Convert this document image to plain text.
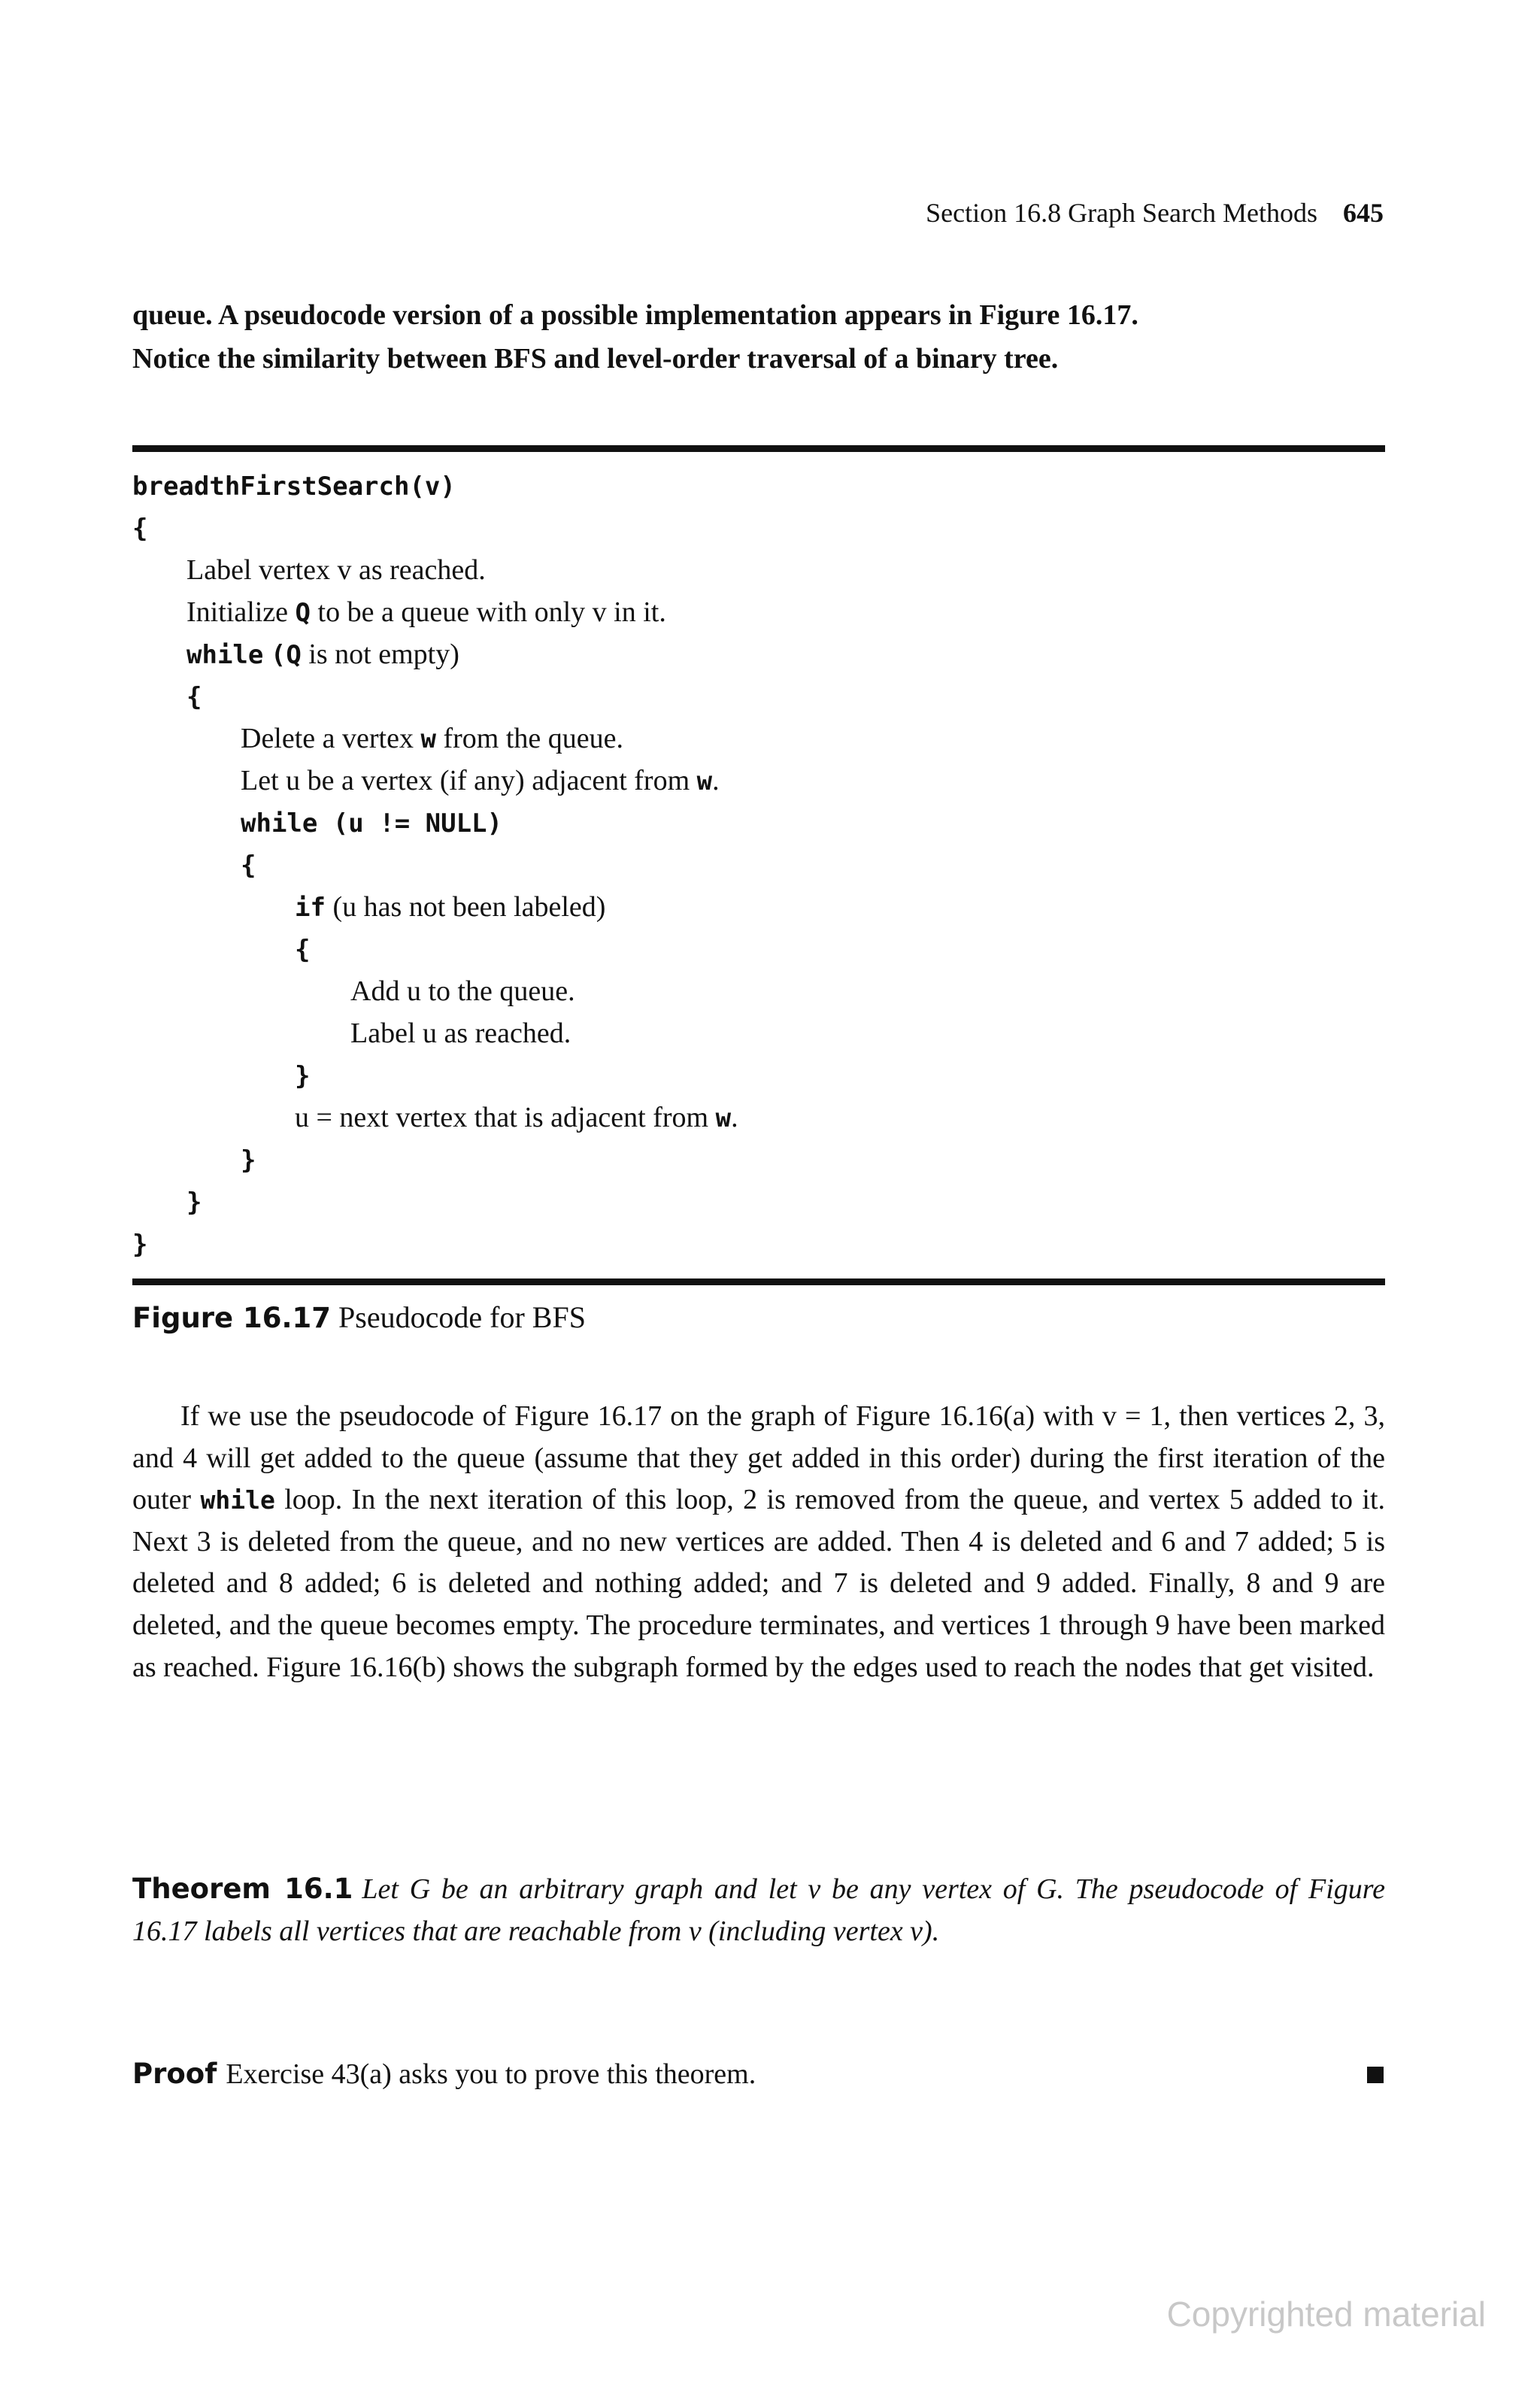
Section 16.8 Graph Search Methods 645
queue. A pseudocode version of a possible implementation appears in Figure 16.17.
Notice the similarity between BFS and level-order traversal of a binary tree.
breadthFirstSearch(v)
{
Label vertex v as reached.
Initialize Q to be a queue with only v in it.
while (Q is not empty)
{
Delete a vertex w from the queue.
Let u be a vertex (if any) adjacent from w.
while (u != NULL)
{
if (u has not been labeled)
{
Add u to the queue.
Label u as reached.
}
u = next vertex that is adjacent from w.
}
}
}
Figure 16.17 Pseudocode for BFS
If we use the pseudocode of Figure 16.17 on the graph of Figure 16.16(a) with v = 1, then vertices 2, 3, and 4 will get added to the queue (assume that they get added in this order) during the first iteration of the outer while loop. In the next iteration of this loop, 2 is removed from the queue, and vertex 5 added to it. Next 3 is deleted from the queue, and no new vertices are added. Then 4 is deleted and 6 and 7 added; 5 is deleted and 8 added; 6 is deleted and nothing added; and 7 is deleted and 9 added. Finally, 8 and 9 are deleted, and the queue becomes empty. The procedure terminates, and vertices 1 through 9 have been marked as reached. Figure 16.16(b) shows the subgraph formed by the edges used to reach the nodes that get visited.
Theorem 16.1 Let G be an arbitrary graph and let v be any vertex of G. The pseudocode of Figure 16.17 labels all vertices that are reachable from v (including vertex v).
Proof Exercise 43(a) asks you to prove this theorem.
Copyrighted material
